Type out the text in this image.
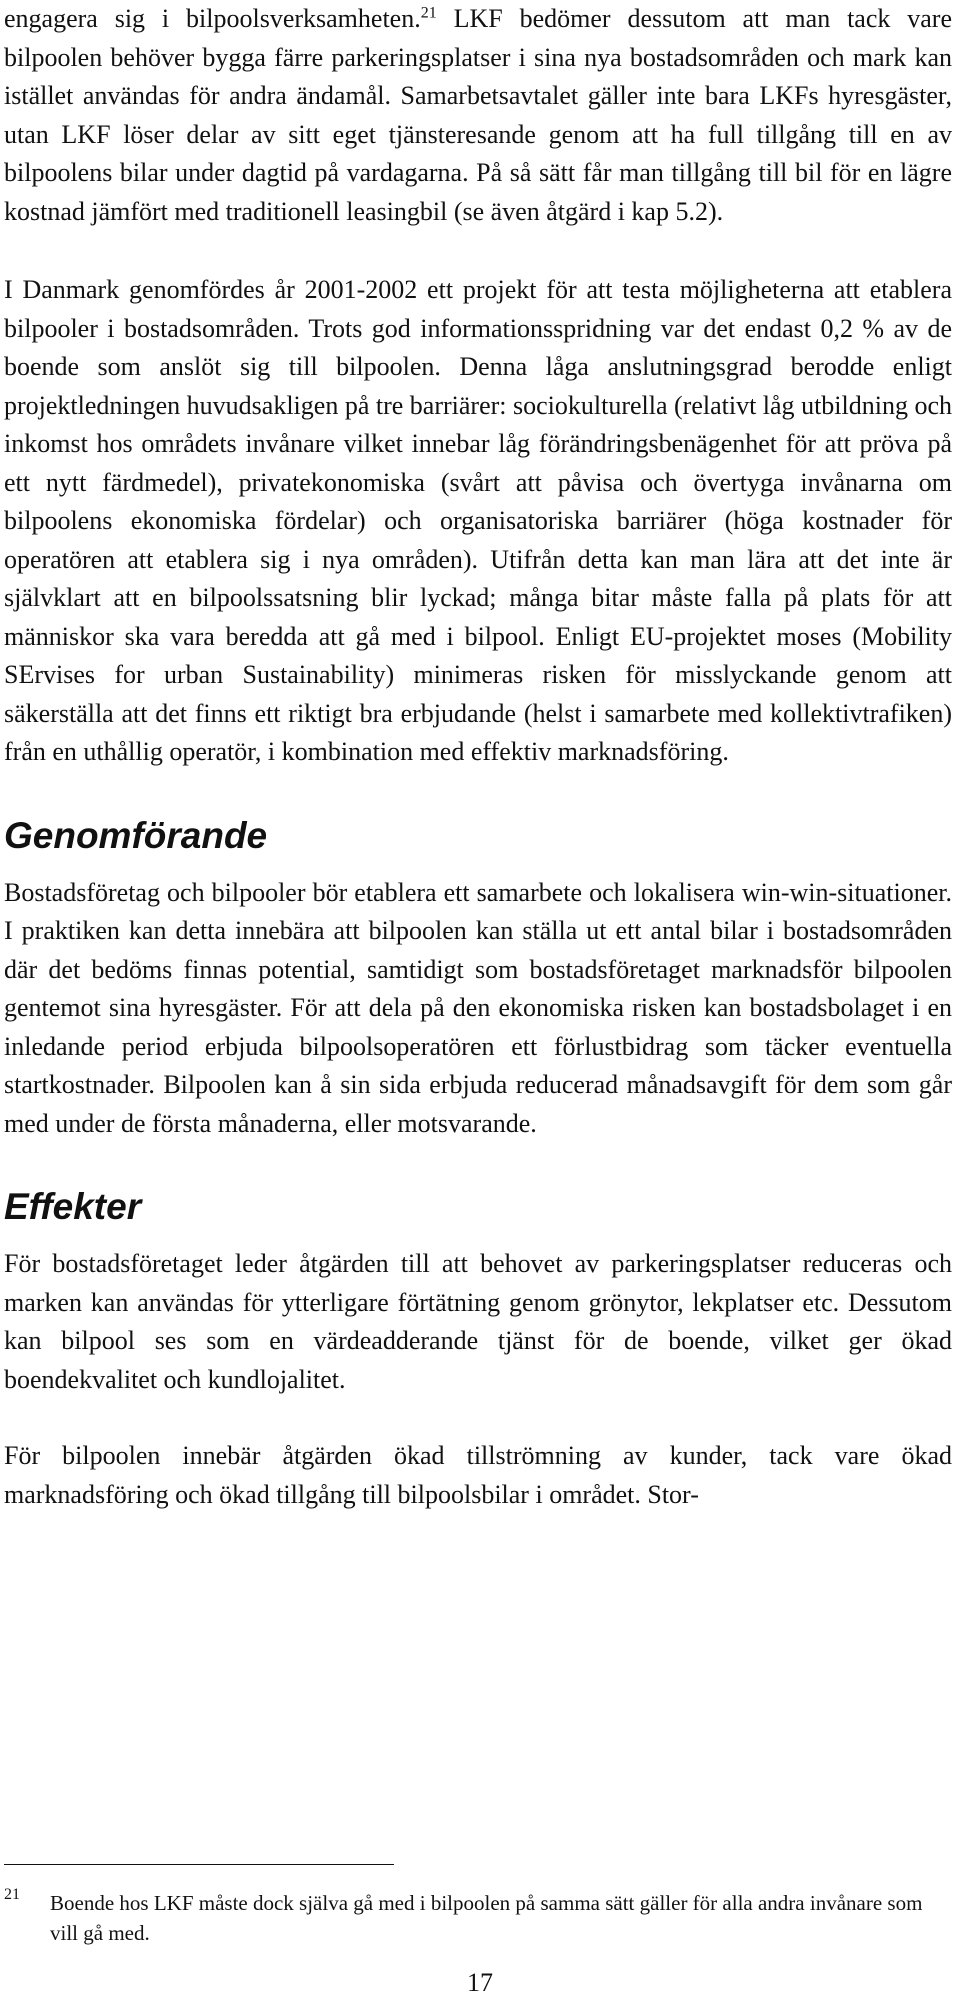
engagera sig i bilpoolsverksamheten.$^{21}$ LKF bedömer dessutom att man tack vare bilpoolen behöver bygga färre parkeringsplatser i sina nya bostadsområden och mark kan istället användas för andra ändamål. Samarbetsavtalet gäller inte bara LKFs hyresgäster, utan LKF löser delar av sitt eget tjänsteresande genom att ha full tillgång till en av bilpoolens bilar under dagtid på vardagarna. På så sätt får man tillgång till bil för en lägre kostnad jämfört med traditionell leasingbil (se även åtgärd i kap 5.2).

I Danmark genomfördes år 2001-2002 ett projekt för att testa möjligheterna att etablera bilpooler i bostadsområden. Trots god informationsspridning var det endast 0,2 % av de boende som anslöt sig till bilpoolen. Denna låga anslutningsgrad berodde enligt projektledningen huvudsakligen på tre barriärer: sociokulturella (relativt låg utbildning och inkomst hos områdets invånare vilket innebar låg förändringsbenägenhet för att pröva på ett nytt färdmedel), privatekonomiska (svårt att påvisa och övertyga invånarna om bilpoolens ekonomiska fördelar) och organisatoriska barriärer (höga kostnader för operatören att etablera sig i nya områden). Utifrån detta kan man lära att det inte är självklart att en bilpoolssatsning blir lyckad; många bitar måste falla på plats för att människor ska vara beredda att gå med i bilpool. Enligt EU-projektet moses (Mobility SErvises for urban Sustainability) minimeras risken för misslyckande genom att säkerställa att det finns ett riktigt bra erbjudande (helst i samarbete med kollektivtrafiken) från en uthållig operatör, i kombination med effektiv marknadsföring.

Genomförande

Bostadsföretag och bilpooler bör etablera ett samarbete och lokalisera win-win-situationer. I praktiken kan detta innebära att bilpoolen kan ställa ut ett antal bilar i bostadsområden där det bedöms finnas potential, samtidigt som bostadsföretaget marknadsför bilpoolen gentemot sina hyresgäster. För att dela på den ekonomiska risken kan bostadsbolaget i en inledande period erbjuda bilpoolsoperatören ett förlustbidrag som täcker eventuella startkostnader. Bilpoolen kan å sin sida erbjuda reducerad månadsavgift för dem som går med under de första månaderna, eller motsvarande.

Effekter

För bostadsföretaget leder åtgärden till att behovet av parkeringsplatser reduceras och marken kan användas för ytterligare förtätning genom grönytor, lekplatser etc. Dessutom kan bilpool ses som en värdeadderande tjänst för de boende, vilket ger ökad boendekvalitet och kundlojalitet.

För bilpoolen innebär åtgärden ökad tillströmning av kunder, tack vare ökad marknadsföring och ökad tillgång till bilpoolsbilar i området. Stor-

21 Boende hos LKF måste dock själva gå med i bilpoolen på samma sätt gäller för alla andra invånare som vill gå med.
17
